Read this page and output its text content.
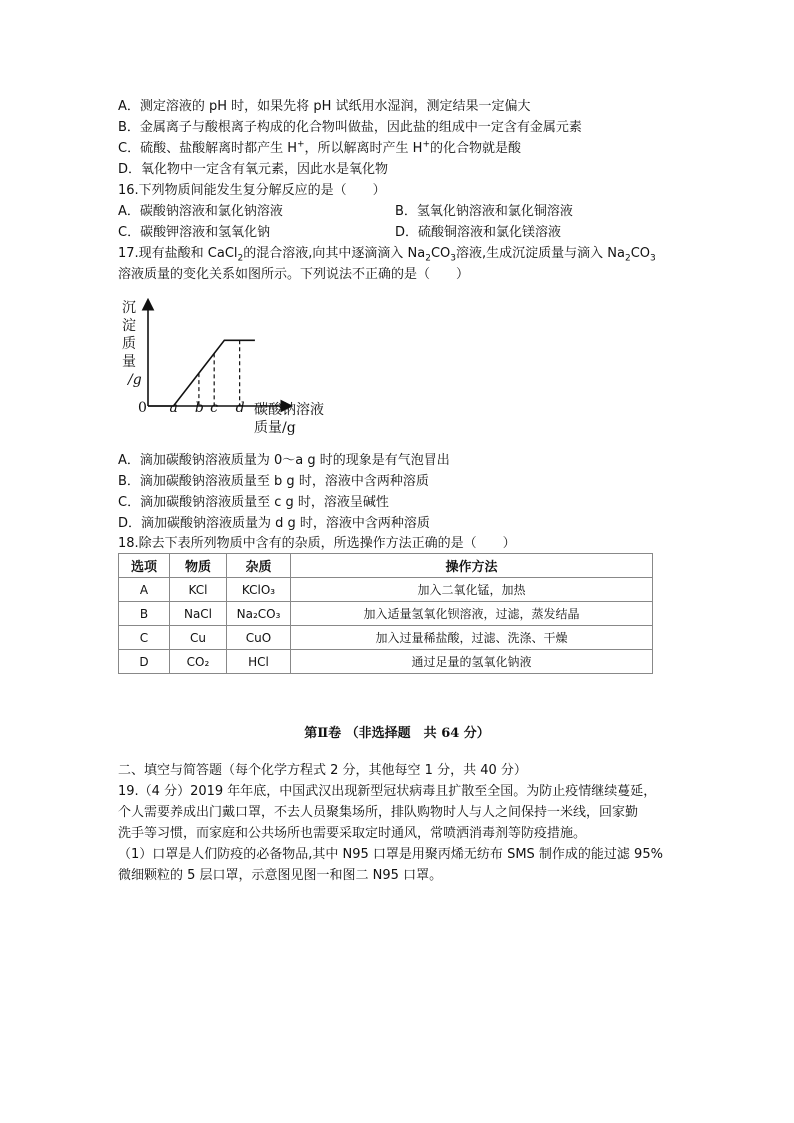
A．测定溶液的 pH 时，如果先将 pH 试纸用水湿润，测定结果一定偏大
B．金属离子与酸根离子构成的化合物叫做盐，因此盐的组成中一定含有金属元素
C．硫酸、盐酸解离时都产生 H+，所以解离时产生 H+的化合物就是酸
D．氧化物中一定含有氧元素，因此水是氧化物
16.下列物质间能发生复分解反应的是（　　）
A．碳酸钠溶液和氯化钠溶液	B．氢氧化钠溶液和氯化铜溶液
C．碳酸钾溶液和氢氧化钠	D．硫酸铜溶液和氯化镁溶液
17.现有盐酸和 CaCl$_2$的混合溶液,向其中逐滴滴入 $Na_2CO_3$溶液,生成沉淀质量与滴入 $Na_2CO_3$
溶液质量的变化关系如图所示。下列说法不正确的是（　　）
沉
淀
质
量
/g
0 a b c d 碳酸钠溶液
质量/g
A．滴加碳酸钠溶液质量为 0～a g 时的现象是有气泡冒出
B．滴加碳酸钠溶液质量至 b g 时，溶液中含两种溶质
C．滴加碳酸钠溶液质量至 c g 时，溶液呈碱性
D．滴加碳酸钠溶液质量为 d g 时，溶液中含两种溶质
18.除去下表所列物质中含有的杂质，所选操作方法正确的是（　　）
选项	物质	杂质	操作方法
A	KCl	KClO₃	加入二氧化锰，加热
B	NaCl	Na₂CO₃	加入适量氢氧化钡溶液，过滤，蒸发结晶
C	Cu	CuO	加入过量稀盐酸，过滤、洗涤、干燥
D	CO₂	HCl	通过足量的氢氧化钠液
第Ⅱ卷 （非选择题　共 64 分）
二、填空与简答题（每个化学方程式 2 分，其他每空 1 分，共 40 分）
19.（4 分）2019 年年底，中国武汉出现新型冠状病毒且扩散至全国。为防止疫情继续蔓延，
个人需要养成出门戴口罩，不去人员聚集场所，排队购物时人与人之间保持一米线，回家勤
洗手等习惯，而家庭和公共场所也需要采取定时通风，常喷洒消毒剂等防疫措施。
（1）口罩是人们防疫的必备物品,其中 N95 口罩是用聚丙烯无纺布 SMS 制作成的能过滤 95%
微细颗粒的 5 层口罩，示意图见图一和图二 N95 口罩。
